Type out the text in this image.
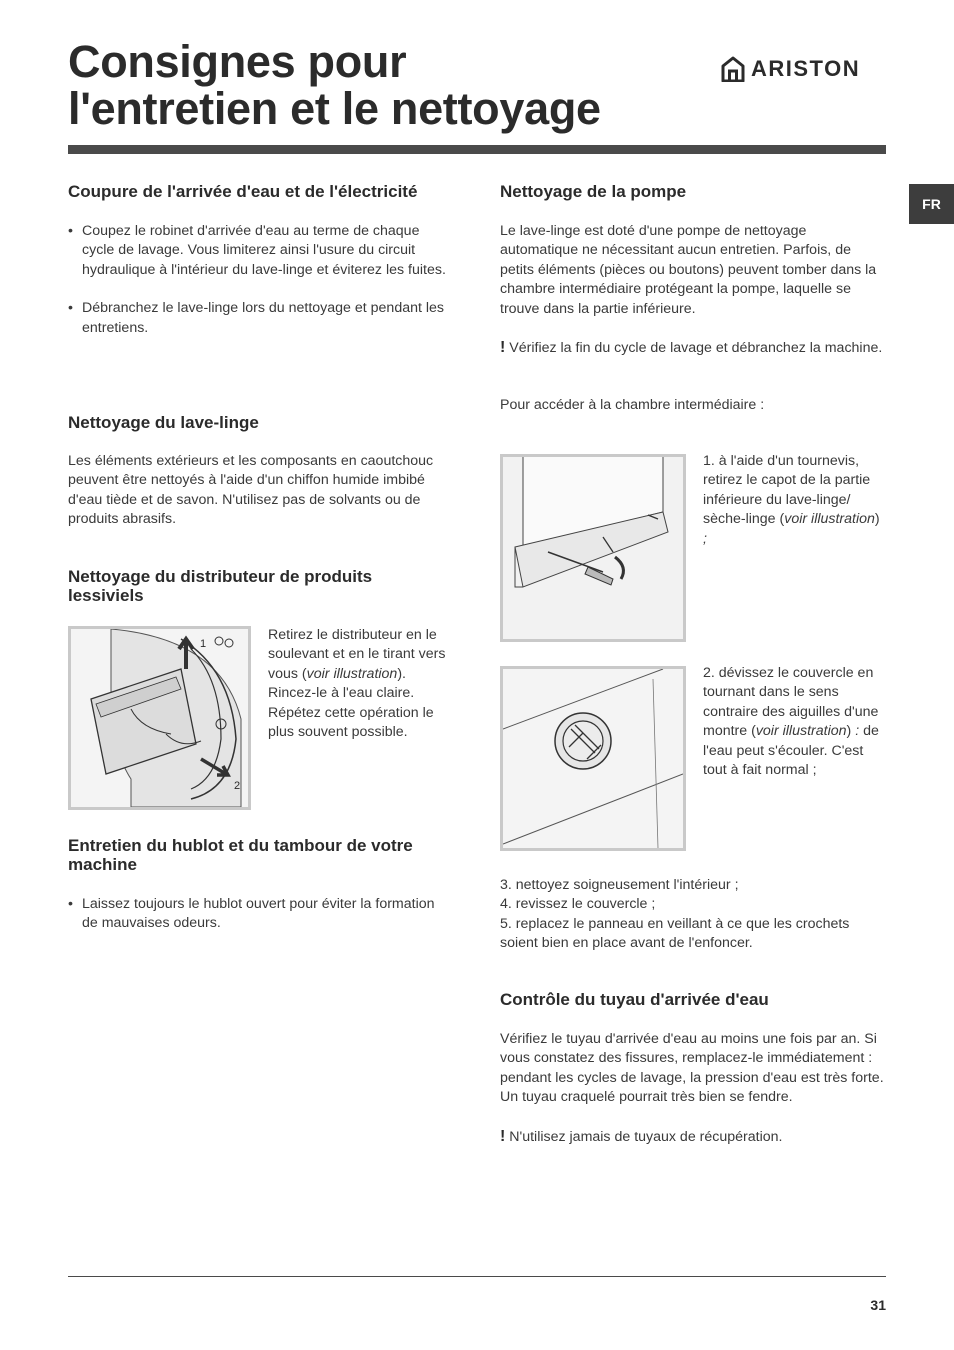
Consignes pour
l'entretien et le nettoyage
ARISTON
FR
Coupure de l'arrivée d'eau et de l'électricité

• Coupez le robinet d'arrivée d'eau au terme de chaque cycle de lavage. Vous limiterez ainsi l'usure du circuit hydraulique à l'intérieur du lave-linge et éviterez les fuites.

• Débranchez le lave-linge lors du nettoyage et pendant les entretiens.

Nettoyage du lave-linge

Les éléments extérieurs et les composants en caoutchouc peuvent être nettoyés à l'aide d'un chiffon humide imbibé d'eau tiède et de savon. N'utilisez pas de solvants ou de produits abrasifs.

Nettoyage du distributeur de produits lessiviels
1
2

Retirez le distributeur en le soulevant et en le tirant vers vous (voir illustration). Rincez-le à l'eau claire. Répétez cette opération le plus souvent possible.

Entretien du hublot et du tambour de votre machine

• Laissez toujours le hublot ouvert pour éviter la formation de mauvaises odeurs.

Nettoyage de la pompe

Le lave-linge est doté d'une pompe de nettoyage automatique ne nécessitant aucun entretien. Parfois, de petits éléments (pièces ou boutons) peuvent tomber dans la chambre intermédiaire protégeant la pompe, laquelle se trouve dans la partie inférieure.

! Vérifiez la fin du cycle de lavage et débranchez la machine.

Pour accéder à la chambre intermédiaire :

1. à l'aide d'un tournevis, retirez le capot de la partie inférieure du lave-linge/ sèche-linge (voir illustration)
;

2. dévissez le couvercle en tournant dans le sens contraire des aiguilles d'une montre (voir illustration) : de l'eau peut s'écouler. C'est tout à fait normal ;

3. nettoyez soigneusement l'intérieur ;

4. revissez le couvercle ;

5. replacez le panneau en veillant à ce que les crochets soient bien en place avant de l'enfoncer.

Contrôle du tuyau d'arrivée d'eau

Vérifiez le tuyau d'arrivée d'eau au moins une fois par an. Si vous constatez des fissures, remplacez-le immédiatement : pendant les cycles de lavage, la pression d'eau est très forte. Un tuyau craquelé pourrait très bien se fendre.

! N'utilisez jamais de tuyaux de récupération.

31
